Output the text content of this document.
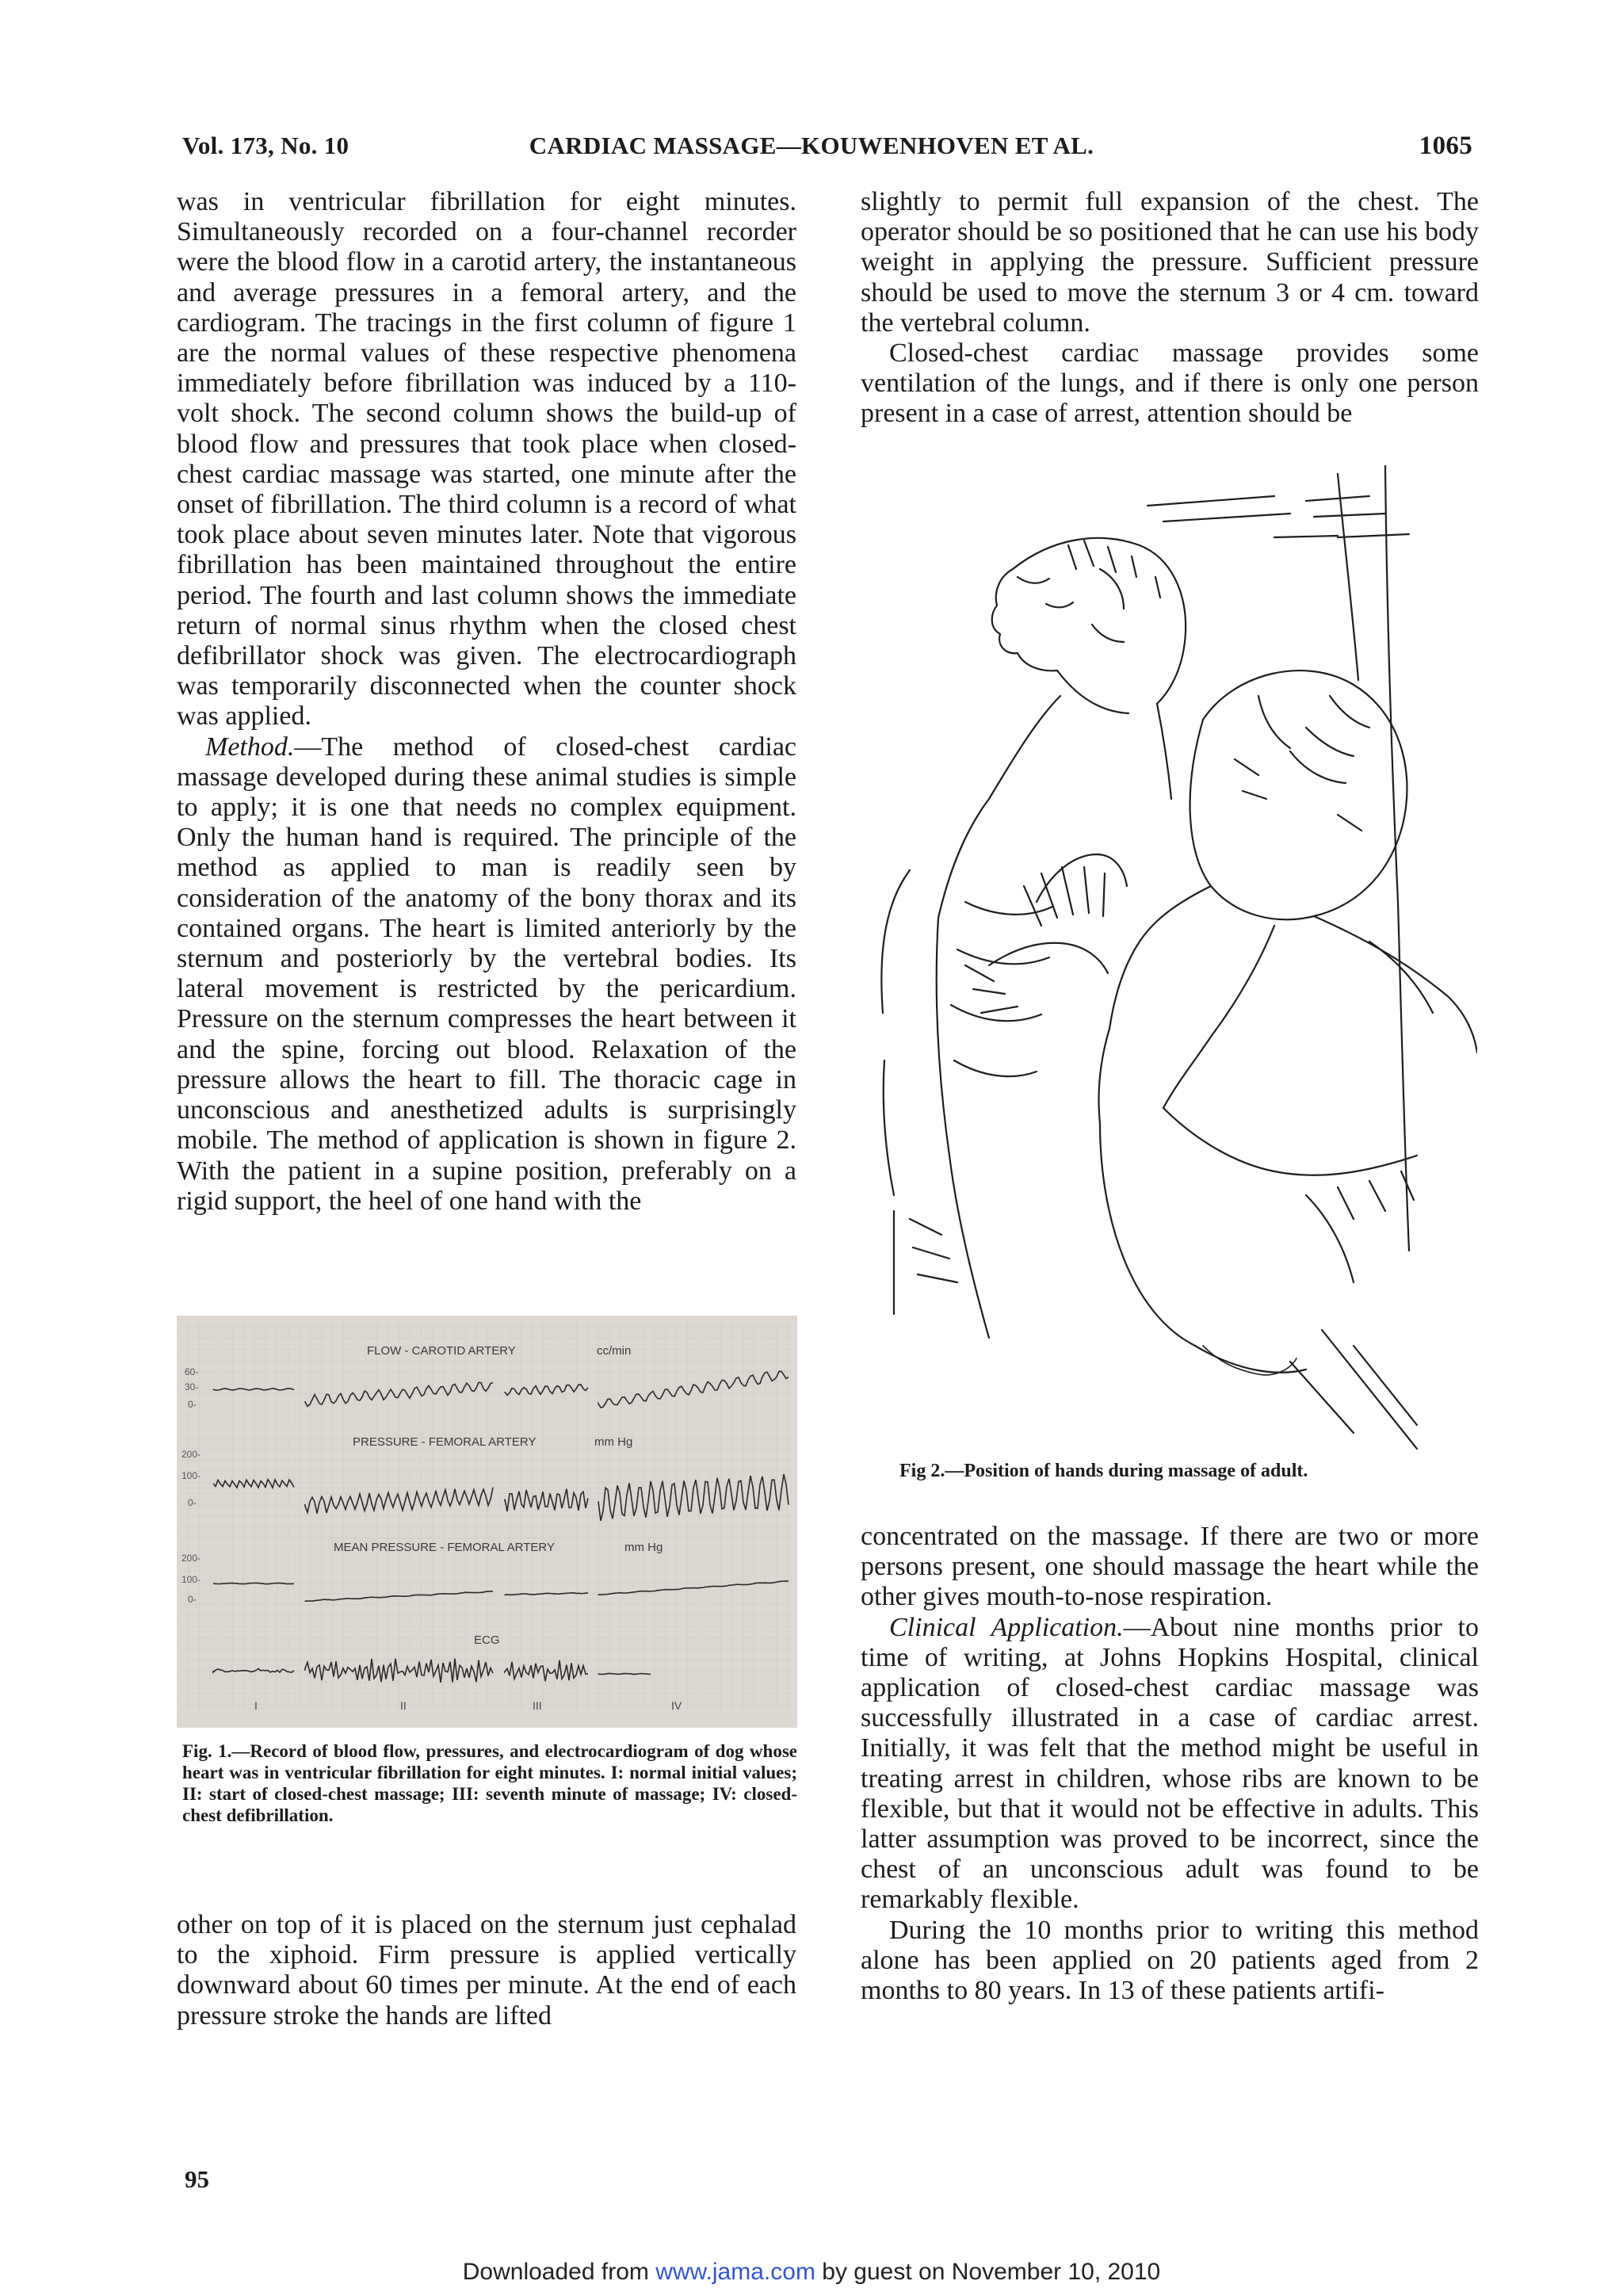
Vol. 173, No. 10	CARDIAC MASSAGE—KOUWENHOVEN ET AL.	1065

was in ventricular fibrillation for eight minutes. Simultaneously recorded on a four-channel recorder were the blood flow in a carotid artery, the instantaneous and average pressures in a femoral artery, and the cardiogram. The tracings in the first column of figure 1 are the normal values of these respective phenomena immediately before fibrillation was induced by a 110-volt shock. The second column shows the build-up of blood flow and pressures that took place when closed-chest cardiac massage was started, one minute after the onset of fibrillation. The third column is a record of what took place about seven minutes later. Note that vigorous fibrillation has been maintained throughout the entire period. The fourth and last column shows the immediate return of normal sinus rhythm when the closed chest defibrillator shock was given. The electrocardiograph was temporarily disconnected when the counter shock was applied.

Method.—The method of closed-chest cardiac massage developed during these animal studies is simple to apply; it is one that needs no complex equipment. Only the human hand is required. The principle of the method as applied to man is readily seen by consideration of the anatomy of the bony thorax and its contained organs. The heart is limited anteriorly by the sternum and posteriorly by the vertebral bodies. Its lateral movement is restricted by the pericardium. Pressure on the sternum compresses the heart between it and the spine, forcing out blood. Relaxation of the pressure allows the heart to fill. The thoracic cage in unconscious and anesthetized adults is surprisingly mobile. The method of application is shown in figure 2. With the patient in a supine position, preferably on a rigid support, the heel of one hand with the

FLOW - CAROTID ARTERY	cc/min
PRESSURE - FEMORAL ARTERY	mm Hg
MEAN PRESSURE - FEMORAL ARTERY	mm Hg
ECG
60-
30-
0-
200-
100-
0-
200-
100-
0-
I	II	III	IV
Fig. 1.—Record of blood flow, pressures, and electrocardiogram of dog whose heart was in ventricular fibrillation for eight minutes. I: normal initial values; II: start of closed-chest massage; III: seventh minute of massage; IV: closed-chest defibrillation.

other on top of it is placed on the sternum just cephalad to the xiphoid. Firm pressure is applied vertically downward about 60 times per minute. At the end of each pressure stroke the hands are lifted

slightly to permit full expansion of the chest. The operator should be so positioned that he can use his body weight in applying the pressure. Sufficient pressure should be used to move the sternum 3 or 4 cm. toward the vertebral column.

Closed-chest cardiac massage provides some ventilation of the lungs, and if there is only one person present in a case of arrest, attention should be

Fig 2.—Position of hands during massage of adult.

concentrated on the massage. If there are two or more persons present, one should massage the heart while the other gives mouth-to-nose respiration.

Clinical Application.—About nine months prior to time of writing, at Johns Hopkins Hospital, clinical application of closed-chest cardiac massage was successfully illustrated in a case of cardiac arrest. Initially, it was felt that the method might be useful in treating arrest in children, whose ribs are known to be flexible, but that it would not be effective in adults. This latter assumption was proved to be incorrect, since the chest of an unconscious adult was found to be remarkably flexible.

During the 10 months prior to writing this method alone has been applied on 20 patients aged from 2 months to 80 years. In 13 of these patients artifi-

95
Downloaded from www.jama.com by guest on November 10, 2010
